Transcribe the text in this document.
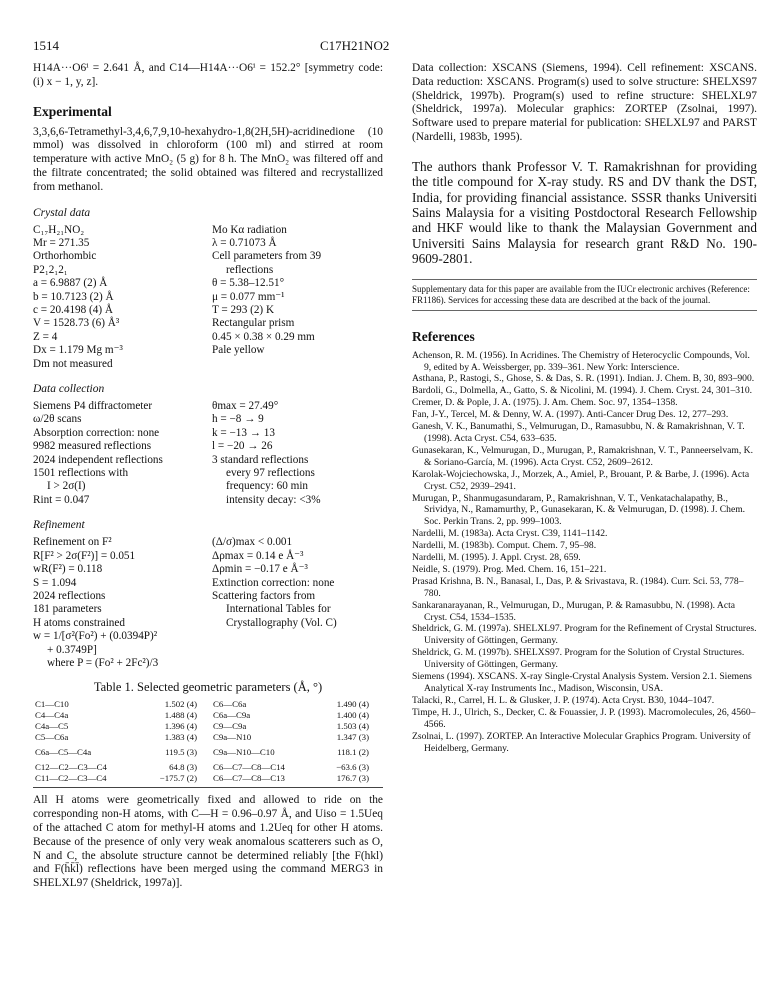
1514	C17H21NO2

H14A···O6ⁱ = 2.641 Å, and C14—H14A···O6ⁱ = 152.2° [symmetry code: (i) x − 1, y, z].

Experimental

3,3,6,6-Tetramethyl-3,4,6,7,9,10-hexahydro-1,8(2H,5H)-acridinedione (10 mmol) was dissolved in chloroform (100 ml) and stirred at room temperature with active MnO₂ (5 g) for 8 h. The MnO₂ was filtered off and the filtrate concentrated; the solid obtained was filtered and recrystallized from methanol.

Crystal data
C₁₇H₂₁NO₂	Mo Kα radiation
Mr = 271.35	λ = 0.71073 Å
Orthorhombic	Cell parameters from 39
P2₁2₁2₁	reflections
a = 6.9887 (2) Å	θ = 5.38–12.51°
b = 10.7123 (2) Å	μ = 0.077 mm⁻¹
c = 20.4198 (4) Å	T = 293 (2) K
V = 1528.73 (6) Å³	Rectangular prism
Z = 4	0.45 × 0.38 × 0.29 mm
Dx = 1.179 Mg m⁻³	Pale yellow
Dm not measured

Data collection
Siemens P4 diffractometer	θmax = 27.49°
ω/2θ scans	h = −8 → 9
Absorption correction: none	k = −13 → 13
9982 measured reflections	l = −20 → 26
2024 independent reflections	3 standard reflections
1501 reflections with	every 97 reflections
I > 2σ(I)	frequency: 60 min
Rint = 0.047	intensity decay: <3%
Refinement
Refinement on F²	(Δ/σ)max < 0.001
R[F² > 2σ(F²)] = 0.051	Δρmax = 0.14 e Å⁻³
wR(F²) = 0.118	Δρmin = −0.17 e Å⁻³
S = 1.094	Extinction correction: none
2024 reflections	Scattering factors from
181 parameters	International Tables for
H atoms constrained	Crystallography (Vol. C)
w = 1/[σ²(Fo²) + (0.0394P)²

+ 0.3749P]

where P = (Fo² + 2Fc²)/3

Table 1. Selected geometric parameters (Å, °)
C1—C10	1.502 (4)	C6—C6a	1.490 (4)
C4—C4a	1.488 (4)	C6a—C9a	1.400 (4)
C4a—C5	1.396 (4)	C9—C9a	1.503 (4)
C5—C6a	1.383 (4)	C9a—N10	1.347 (3)
C6a—C5—C4a	119.5 (3)	C9a—N10—C10	118.1 (2)
C12—C2—C3—C4	64.8 (3)	C6—C7—C8—C14	−63.6 (3)
C11—C2—C3—C4	−175.7 (2)	C6—C7—C8—C13	176.7 (3)

All H atoms were geometrically fixed and allowed to ride on the corresponding non-H atoms, with C—H = 0.96–0.97 Å, and Uiso = 1.5Ueq of the attached C atom for methyl-H atoms and 1.2Ueq for other H atoms. Because of the presence of only very weak anomalous scatterers such as O, N and C, the absolute structure cannot be determined reliably [the F(hkl) and F(h̄k̄l̄) reflections have been merged using the command MERG3 in SHELXL97 (Sheldrick, 1997a)].

Data collection: XSCANS (Siemens, 1994). Cell refinement: XSCANS. Data reduction: XSCANS. Program(s) used to solve structure: SHELXS97 (Sheldrick, 1997b). Program(s) used to refine structure: SHELXL97 (Sheldrick, 1997a). Molecular graphics: ZORTEP (Zsolnai, 1997). Software used to prepare material for publication: SHELXL97 and PARST (Nardelli, 1983b, 1995).

The authors thank Professor V. T. Ramakrishnan for providing the title compound for X-ray study. RS and DV thank the DST, India, for providing financial assistance. SSSR thanks Universiti Sains Malaysia for a visiting Postdoctoral Research Fellowship and HKF would like to thank the Malaysian Government and Universiti Sains Malaysia for research grant R&D No. 190-9609-2801.

Supplementary data for this paper are available from the IUCr electronic archives (Reference: FR1186). Services for accessing these data are described at the back of the journal.

References
Achenson, R. M. (1956). In Acridines. The Chemistry of Heterocyclic Compounds, Vol. 9, edited by A. Weissberger, pp. 339–361. New York: Interscience.
Asthana, P., Rastogi, S., Ghose, S. & Das, S. R. (1991). Indian. J. Chem. B, 30, 893–900.
Bardoli, G., Dolmella, A., Gatto, S. & Nicolini, M. (1994). J. Chem. Cryst. 24, 301–310.
Cremer, D. & Pople, J. A. (1975). J. Am. Chem. Soc. 97, 1354–1358.
Fan, J-Y., Tercel, M. & Denny, W. A. (1997). Anti-Cancer Drug Des. 12, 277–293.
Ganesh, V. K., Banumathi, S., Velmurugan, D., Ramasubbu, N. & Ramakrishnan, V. T. (1998). Acta Cryst. C54, 633–635.
Gunasekaran, K., Velmurugan, D., Murugan, P., Ramakrishnan, V. T., Panneerselvam, K. & Soriano-García, M. (1996). Acta Cryst. C52, 2609–2612.
Karolak-Wojciechowska, J., Morzek, A., Amiel, P., Brouant, P. & Barbe, J. (1996). Acta Cryst. C52, 2939–2941.
Murugan, P., Shanmugasundaram, P., Ramakrishnan, V. T., Venkatachalapathy, B., Srividya, N., Ramamurthy, P., Gunasekaran, K. & Velmurugan, D. (1998). J. Chem. Soc. Perkin Trans. 2, pp. 999–1003.
Nardelli, M. (1983a). Acta Cryst. C39, 1141–1142.
Nardelli, M. (1983b). Comput. Chem. 7, 95–98.
Nardelli, M. (1995). J. Appl. Cryst. 28, 659.
Neidle, S. (1979). Prog. Med. Chem. 16, 151–221.
Prasad Krishna, B. N., Banasal, I., Das, P. & Srivastava, R. (1984). Curr. Sci. 53, 778–780.
Sankaranarayanan, R., Velmurugan, D., Murugan, P. & Ramasubbu, N. (1998). Acta Cryst. C54, 1534–1535.
Sheldrick, G. M. (1997a). SHELXL97. Program for the Refinement of Crystal Structures. University of Göttingen, Germany.
Sheldrick, G. M. (1997b). SHELXS97. Program for the Solution of Crystal Structures. University of Göttingen, Germany.
Siemens (1994). XSCANS. X-ray Single-Crystal Analysis System. Version 2.1. Siemens Analytical X-ray Instruments Inc., Madison, Wisconsin, USA.
Talacki, R., Carrel, H. L. & Glusker, J. P. (1974). Acta Cryst. B30, 1044–1047.
Timpe, H. J., Ulrich, S., Decker, C. & Fouassier, J. P. (1993). Macromolecules, 26, 4560–4566.
Zsolnai, L. (1997). ZORTEP. An Interactive Molecular Graphics Program. University of Heidelberg, Germany.
